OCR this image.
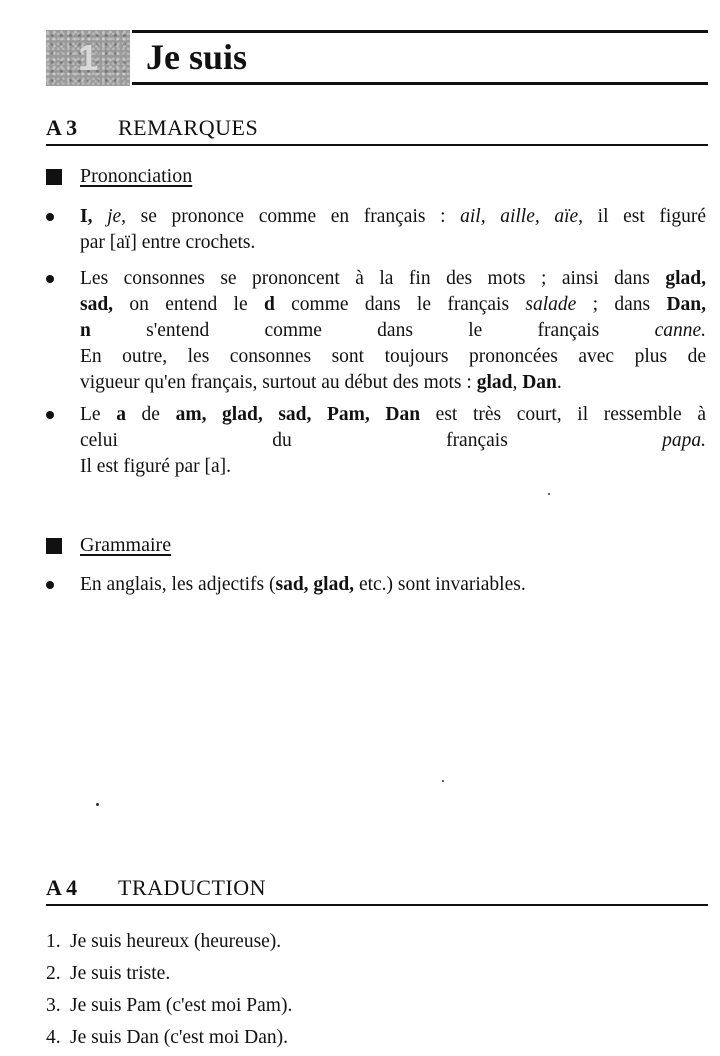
1 Je suis
A 3 REMARQUES
Prononciation
I, je, se prononce comme en français : ail, aille, aïe, il est figuré
par [aï] entre crochets.
Les consonnes se prononcent à la fin des mots ; ainsi dans glad,
sad, on entend le d comme dans le français salade ; dans Dan,
n s'entend comme dans le français canne.
En outre, les consonnes sont toujours prononcées avec plus de
vigueur qu'en français, surtout au début des mots : glad, Dan.
Le a de am, glad, sad, Pam, Dan est très court, il ressemble à
celui du français papa.
Il est figuré par [a].
Grammaire
En anglais, les adjectifs (sad, glad, etc.) sont invariables.
A 4 TRADUCTION
1. Je suis heureux (heureuse).
2. Je suis triste.
3. Je suis Pam (c'est moi Pam).
4. Je suis Dan (c'est moi Dan).
